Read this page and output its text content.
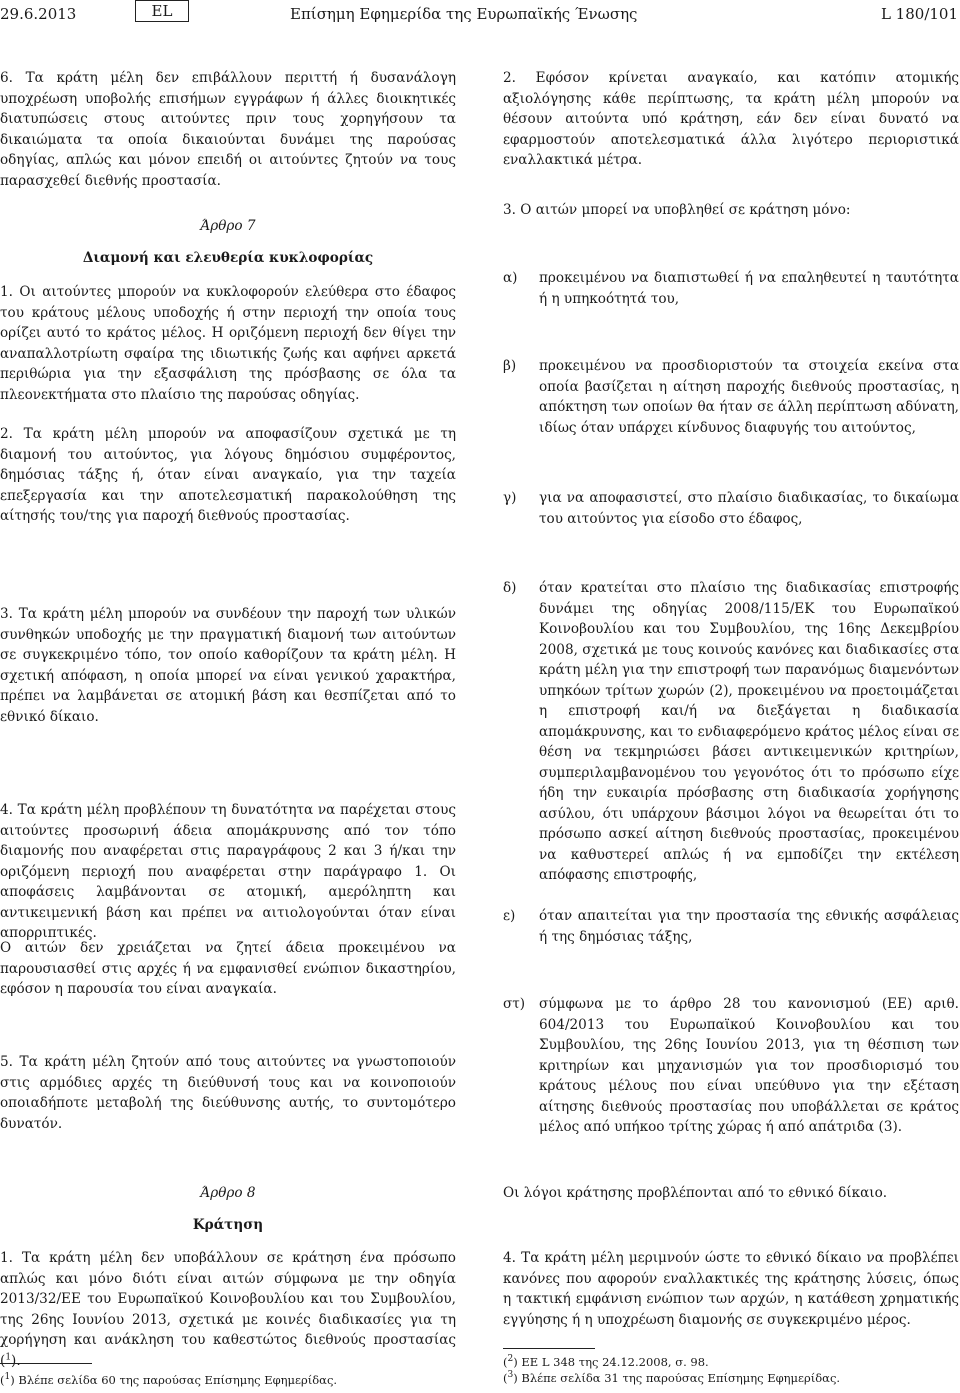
29.6.2013	EL	Επίσημη Εφημερίδα της Ευρωπαϊκής Ένωσης	L 180/101

6. Τα κράτη μέλη δεν επιβάλλουν περιττή ή δυσανάλογη υποχρέωση υποβολής επισήμων εγγράφων ή άλλες διοικητικές διατυπώσεις στους αιτούντες πριν τους χορηγήσουν τα δικαιώματα τα οποία δικαιούνται δυνάμει της παρούσας οδηγίας, απλώς και μόνον επειδή οι αιτούντες ζητούν να τους παρασχεθεί διεθνής προστασία.

Άρθρο 7

Διαμονή και ελευθερία κυκλοφορίας

1. Οι αιτούντες μπορούν να κυκλοφορούν ελεύθερα στο έδαφος του κράτους μέλους υποδοχής ή στην περιοχή την οποία τους ορίζει αυτό το κράτος μέλος. Η οριζόμενη περιοχή δεν θίγει την αναπαλλοτρίωτη σφαίρα της ιδιωτικής ζωής και αφήνει αρκετά περιθώρια για την εξασφάλιση της πρόσβασης σε όλα τα πλεονεκτήματα στο πλαίσιο της παρούσας οδηγίας.

2. Τα κράτη μέλη μπορούν να αποφασίζουν σχετικά με τη διαμονή του αιτούντος, για λόγους δημόσιου συμφέροντος, δημόσιας τάξης ή, όταν είναι αναγκαίο, για την ταχεία επεξεργασία και την αποτελεσματική παρακολούθηση της αίτησής του/της για παροχή διεθνούς προστασίας.

3. Τα κράτη μέλη μπορούν να συνδέουν την παροχή των υλικών συνθηκών υποδοχής με την πραγματική διαμονή των αιτούντων σε συγκεκριμένο τόπο, τον οποίο καθορίζουν τα κράτη μέλη. Η σχετική απόφαση, η οποία μπορεί να είναι γενικού χαρακτήρα, πρέπει να λαμβάνεται σε ατομική βάση και θεσπίζεται από το εθνικό δίκαιο.

4. Τα κράτη μέλη προβλέπουν τη δυνατότητα να παρέχεται στους αιτούντες προσωρινή άδεια απομάκρυνσης από τον τόπο διαμονής που αναφέρεται στις παραγράφους 2 και 3 ή/και την οριζόμενη περιοχή που αναφέρεται στην παράγραφο 1. Οι αποφάσεις λαμβάνονται σε ατομική, αμερόληπτη και αντικειμενική βάση και πρέπει να αιτιολογούνται όταν είναι απορριπτικές.

Ο αιτών δεν χρειάζεται να ζητεί άδεια προκειμένου να παρουσιασθεί στις αρχές ή να εμφανισθεί ενώπιον δικαστηρίου, εφόσον η παρουσία του είναι αναγκαία.

5. Τα κράτη μέλη ζητούν από τους αιτούντες να γνωστοποιούν στις αρμόδιες αρχές τη διεύθυνσή τους και να κοινοποιούν οποιαδήποτε μεταβολή της διεύθυνσης αυτής, το συντομότερο δυνατόν.

Άρθρο 8

Κράτηση

1. Τα κράτη μέλη δεν υποβάλλουν σε κράτηση ένα πρόσωπο απλώς και μόνο διότι είναι αιτών σύμφωνα με την οδηγία 2013/32/ΕΕ του Ευρωπαϊκού Κοινοβουλίου και του Συμβουλίου, της 26ης Ιουνίου 2013, σχετικά με κοινές διαδικασίες για τη χορήγηση και ανάκληση του καθεστώτος διεθνούς προστασίας ($^1$).

($^1$) Βλέπε σελίδα 60 της παρούσας Επίσημης Εφημερίδας.

2. Εφόσον κρίνεται αναγκαίο, και κατόπιν ατομικής αξιολόγησης κάθε περίπτωσης, τα κράτη μέλη μπορούν να θέσουν αιτούντα υπό κράτηση, εάν δεν είναι δυνατό να εφαρμοστούν αποτελεσματικά άλλα λιγότερο περιοριστικά εναλλακτικά μέτρα.

3. Ο αιτών μπορεί να υποβληθεί σε κράτηση μόνο:

α)	προκειμένου να διαπιστωθεί ή να επαληθευτεί η ταυτότητα ή η υπηκοότητά του,

β)	προκειμένου να προσδιοριστούν τα στοιχεία εκείνα στα οποία βασίζεται η αίτηση παροχής διεθνούς προστασίας, η απόκτηση των οποίων θα ήταν σε άλλη περίπτωση αδύνατη, ιδίως όταν υπάρχει κίνδυνος διαφυγής του αιτούντος,

γ)	για να αποφασιστεί, στο πλαίσιο διαδικασίας, το δικαίωμα του αιτούντος για είσοδο στο έδαφος,

δ)	όταν κρατείται στο πλαίσιο της διαδικασίας επιστροφής δυνάμει της οδηγίας 2008/115/ΕΚ του Ευρωπαϊκού Κοινοβουλίου και του Συμβουλίου, της 16ης Δεκεμβρίου 2008, σχετικά με τους κοινούς κανόνες και διαδικασίες στα κράτη μέλη για την επιστροφή των παρανόμως διαμενόντων υπηκόων τρίτων χωρών (2), προκειμένου να προετοιμάζεται η επιστροφή και/ή να διεξάγεται η διαδικασία απομάκρυνσης, και το ενδιαφερόμενο κράτος μέλος είναι σε θέση να τεκμηριώσει βάσει αντικειμενικών κριτηρίων, συμπεριλαμβανομένου του γεγονότος ότι το πρόσωπο είχε ήδη την ευκαιρία πρόσβασης στη διαδικασία χορήγησης ασύλου, ότι υπάρχουν βάσιμοι λόγοι να θεωρείται ότι το πρόσωπο ασκεί αίτηση διεθνούς προστασίας, προκειμένου να καθυστερεί απλώς ή να εμποδίζει την εκτέλεση απόφασης επιστροφής,

ε)	όταν απαιτείται για την προστασία της εθνικής ασφάλειας ή της δημόσιας τάξης,

στ)	σύμφωνα με το άρθρο 28 του κανονισμού (ΕΕ) αριθ. 604/2013 του Ευρωπαϊκού Κοινοβουλίου και του Συμβουλίου, της 26ης Ιουνίου 2013, για τη θέσπιση των κριτηρίων και μηχανισμών για τον προσδιορισμό του κράτους μέλους που είναι υπεύθυνο για την εξέταση αίτησης διεθνούς προστασίας που υποβάλλεται σε κράτος μέλος από υπήκοο τρίτης χώρας ή από απάτριδα (3).

Οι λόγοι κράτησης προβλέπονται από το εθνικό δίκαιο.

4. Τα κράτη μέλη μεριμνούν ώστε το εθνικό δίκαιο να προβλέπει κανόνες που αφορούν εναλλακτικές της κράτησης λύσεις, όπως η τακτική εμφάνιση ενώπιον των αρχών, η κατάθεση χρηματικής εγγύησης ή η υποχρέωση διαμονής σε συγκεκριμένο μέρος.

($^2$) ΕΕ L 348 της 24.12.2008, σ. 98.
($^3$) Βλέπε σελίδα 31 της παρούσας Επίσημης Εφημερίδας.
